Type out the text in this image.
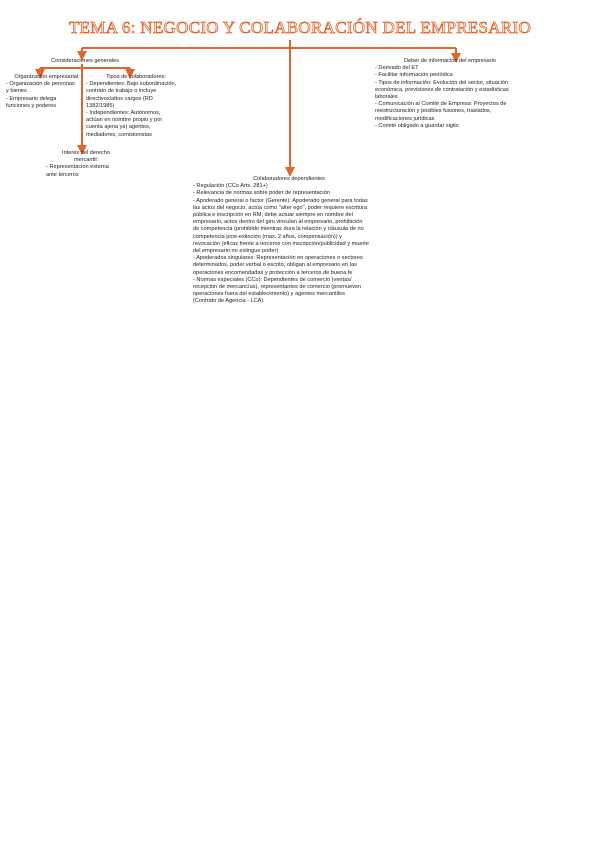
TEMA 6: NEGOCIO Y COLABORACIÓN DEL EMPRESARIO
Consideraciones generales
Organización empresarial:
- Organización de personas
y bienes
- Empresario delega
funciones y poderes
Tipos de colaboradores:
- Dependientes: Bajo subordinación,
contrato de trabajo o incluye
directivos/altos cargos (RD
1382/1985)
- Independientes: Autónomos,
actúan en nombre propio y por
cuenta ajena ya) agentes,
mediadores, comisionistas
Interés del derecho
mercantil:
- Representación externa
ante terceros
Colaboradores dependientes
- Regulación (CCo Arts. 281+)
- Relevancia de normas sobre poder de representación
- Apoderado general o factor (Gerente): Apoderado general para todas
las actos del negocio, actúa como "alter ego", poder requiere escritura
pública e inscripción en RM, debe actuar siempre en nombre del
empresario, actos dentro del giro vinculan al empresario, prohibición
de competencia (prohibido mientras dura la relación y cláusula de no
competencia post-extinción (max. 2 años, compensación)) y
revocación (eficaz frente a terceros con inscripción/publicidad y muerte
del empresario no extingue poder)
- Apoderados singulares: Representación en operaciones o sectores
determinados, poder verbal o escrito, obligan al empresario en las
operaciones encomendadas y protección a terceros de buena fe
- Normas especiales (CCo): Dependientes de comercio (ventas/
recepción de mercancías), representantes de comercio (promueven
operaciones fuera del establecimiento) y agentes mercantiles
(Contrato de Agencia - LCA)
Deber de información del empresario
- Derivado del ET
- Facilitar información periódica
- Tipos de información: Evolución del sector, situación
económica, previsiones de contratación y estadísticas
laborales
- Comunicación al Comité de Empresa: Proyectos de
reestructuración y posibles fusiones, traslados,
modificaciones jurídicas
- Comité obligado a guardar sigilo
